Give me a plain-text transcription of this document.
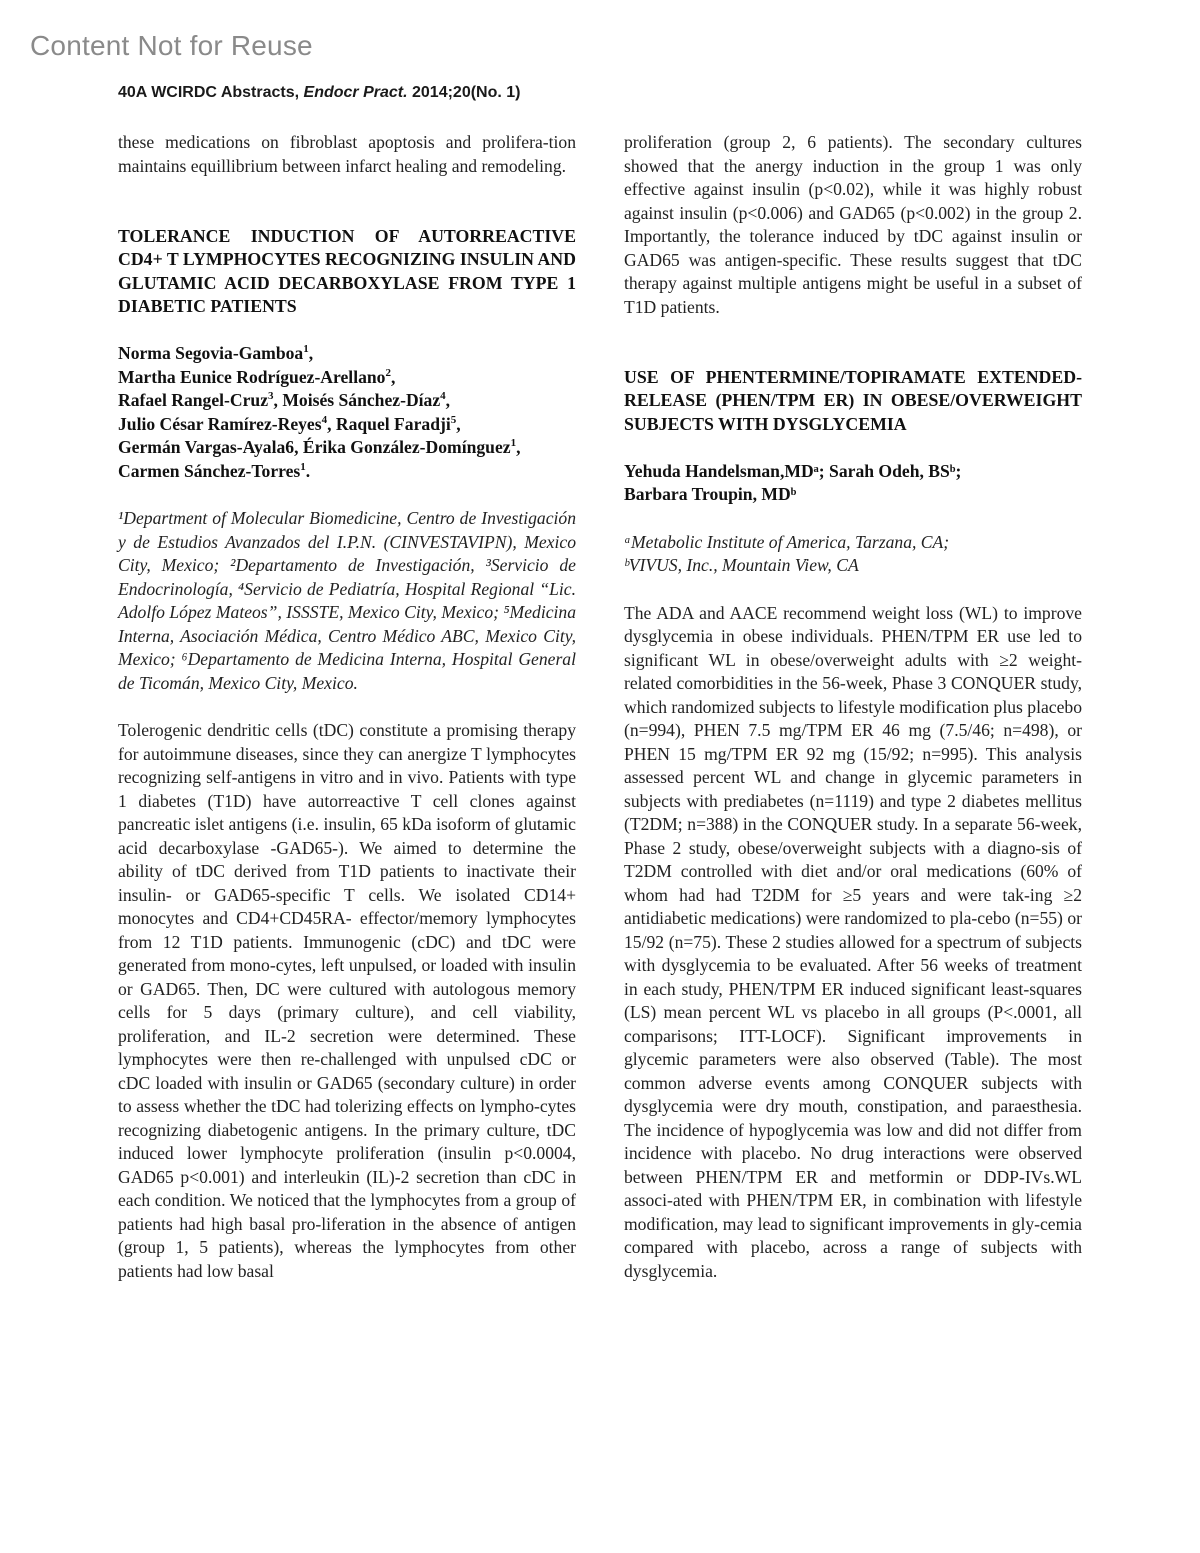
Content Not for Reuse
40A WCIRDC Abstracts, Endocr Pract. 2014;20(No. 1)

these medications on fibroblast apoptosis and prolifera-tion maintains equillibrium between infarct healing and remodeling.

TOLERANCE INDUCTION OF AUTORREACTIVE CD4+ T LYMPHOCYTES RECOGNIZING INSULIN AND GLUTAMIC ACID DECARBOXYLASE FROM TYPE 1 DIABETIC PATIENTS

Norma Segovia-Gamboa$^1$,
Martha Eunice Rodríguez-Arellano$^2$,
Rafael Rangel-Cruz$^3$, Moisés Sánchez-Díaz$^4$,
Julio César Ramírez-Reyes$^4$, Raquel Faradji$^5$,
Germán Vargas-Ayala6, Érika González-Domínguez$^1$,
Carmen Sánchez-Torres$^1$.

¹Department of Molecular Biomedicine, Centro de Investigación y de Estudios Avanzados del I.P.N. (CINVESTAVIPN), Mexico City, Mexico; ²Departamento de Investigación, ³Servicio de Endocrinología, ⁴Servicio de Pediatría, Hospital Regional “Lic. Adolfo López Mateos”, ISSSTE, Mexico City, Mexico; ⁵Medicina Interna, Asociación Médica, Centro Médico ABC, Mexico City, Mexico; ⁶Departamento de Medicina Interna, Hospital General de Ticomán, Mexico City, Mexico.

Tolerogenic dendritic cells (tDC) constitute a promising therapy for autoimmune diseases, since they can anergize T lymphocytes recognizing self-antigens in vitro and in vivo. Patients with type 1 diabetes (T1D) have autorreactive T cell clones against pancreatic islet antigens (i.e. insulin, 65 kDa isoform of glutamic acid decarboxylase -GAD65-). We aimed to determine the ability of tDC derived from T1D patients to inactivate their insulin- or GAD65-specific T cells. We isolated CD14+ monocytes and CD4+CD45RA- effector/memory lymphocytes from 12 T1D patients. Immunogenic (cDC) and tDC were generated from mono-cytes, left unpulsed, or loaded with insulin or GAD65. Then, DC were cultured with autologous memory cells for 5 days (primary culture), and cell viability, proliferation, and IL-2 secretion were determined. These lymphocytes were then re-challenged with unpulsed cDC or cDC loaded with insulin or GAD65 (secondary culture) in order to assess whether the tDC had tolerizing effects on lympho-cytes recognizing diabetogenic antigens. In the primary culture, tDC induced lower lymphocyte proliferation (insulin p<0.0004, GAD65 p<0.001) and interleukin (IL)-2 secretion than cDC in each condition. We noticed that the lymphocytes from a group of patients had high basal pro-liferation in the absence of antigen (group 1, 5 patients), whereas the lymphocytes from other patients had low basal

proliferation (group 2, 6 patients). The secondary cultures showed that the anergy induction in the group 1 was only effective against insulin (p<0.02), while it was highly robust against insulin (p<0.006) and GAD65 (p<0.002) in the group 2. Importantly, the tolerance induced by tDC against insulin or GAD65 was antigen-specific. These results suggest that tDC therapy against multiple antigens might be useful in a subset of T1D patients.

USE OF PHENTERMINE/TOPIRAMATE EXTENDED-RELEASE (PHEN/TPM ER) IN OBESE/OVERWEIGHT SUBJECTS WITH DYSGLYCEMIA

Yehuda Handelsman,MDᵃ; Sarah Odeh, BSᵇ;
Barbara Troupin, MDᵇ
ᵃMetabolic Institute of America, Tarzana, CA;
ᵇVIVUS, Inc., Mountain View, CA

The ADA and AACE recommend weight loss (WL) to improve dysglycemia in obese individuals. PHEN/TPM ER use led to significant WL in obese/overweight adults with ≥2 weight-related comorbidities in the 56-week, Phase 3 CONQUER study, which randomized subjects to lifestyle modification plus placebo (n=994), PHEN 7.5 mg/TPM ER 46 mg (7.5/46; n=498), or PHEN 15 mg/TPM ER 92 mg (15/92; n=995). This analysis assessed percent WL and change in glycemic parameters in subjects with prediabetes (n=1119) and type 2 diabetes mellitus (T2DM; n=388) in the CONQUER study. In a separate 56-week, Phase 2 study, obese/overweight subjects with a diagno-sis of T2DM controlled with diet and/or oral medications (60% of whom had had T2DM for ≥5 years and were tak-ing ≥2 antidiabetic medications) were randomized to pla-cebo (n=55) or 15/92 (n=75). These 2 studies allowed for a spectrum of subjects with dysglycemia to be evaluated. After 56 weeks of treatment in each study, PHEN/TPM ER induced significant least-squares (LS) mean percent WL vs placebo in all groups (P<.0001, all comparisons; ITT-LOCF). Significant improvements in glycemic parameters were also observed (Table). The most common adverse events among CONQUER subjects with dysglycemia were dry mouth, constipation, and paraesthesia. The incidence of hypoglycemia was low and did not differ from incidence with placebo. No drug interactions were observed between PHEN/TPM ER and metformin or DDP-IVs.WL associ-ated with PHEN/TPM ER, in combination with lifestyle modification, may lead to significant improvements in gly-cemia compared with placebo, across a range of subjects with dysglycemia.
